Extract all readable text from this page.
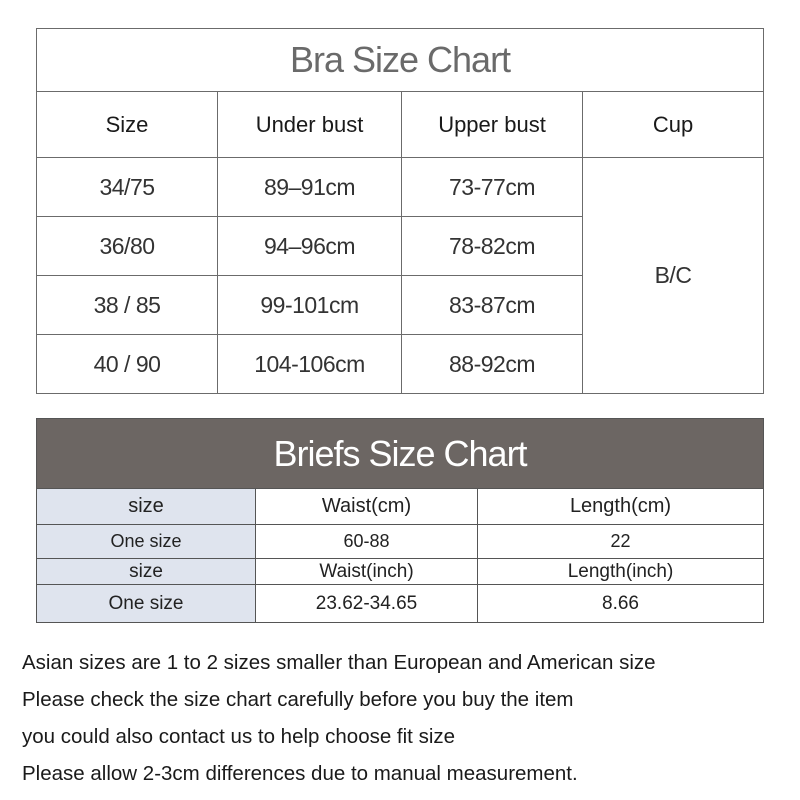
Bra Size Chart			
Size	Under bust	Upper bust	Cup
34/75	89–91cm	73-77cm	B/C
36/80	94–96cm	78-82cm	
38 / 85	99-101cm	83-87cm	
40 / 90	104-106cm	88-92cm	
Briefs Size Chart		
size	Waist(cm)	Length(cm)
One size	60-88	22
size	Waist(inch)	Length(inch)
One size	23.62-34.65	8.66

Asian sizes are 1 to 2 sizes smaller than European and American size

Please check the size chart carefully before you buy the item

you could also contact us to help choose fit size

Please allow 2-3cm differences due to manual measurement.
